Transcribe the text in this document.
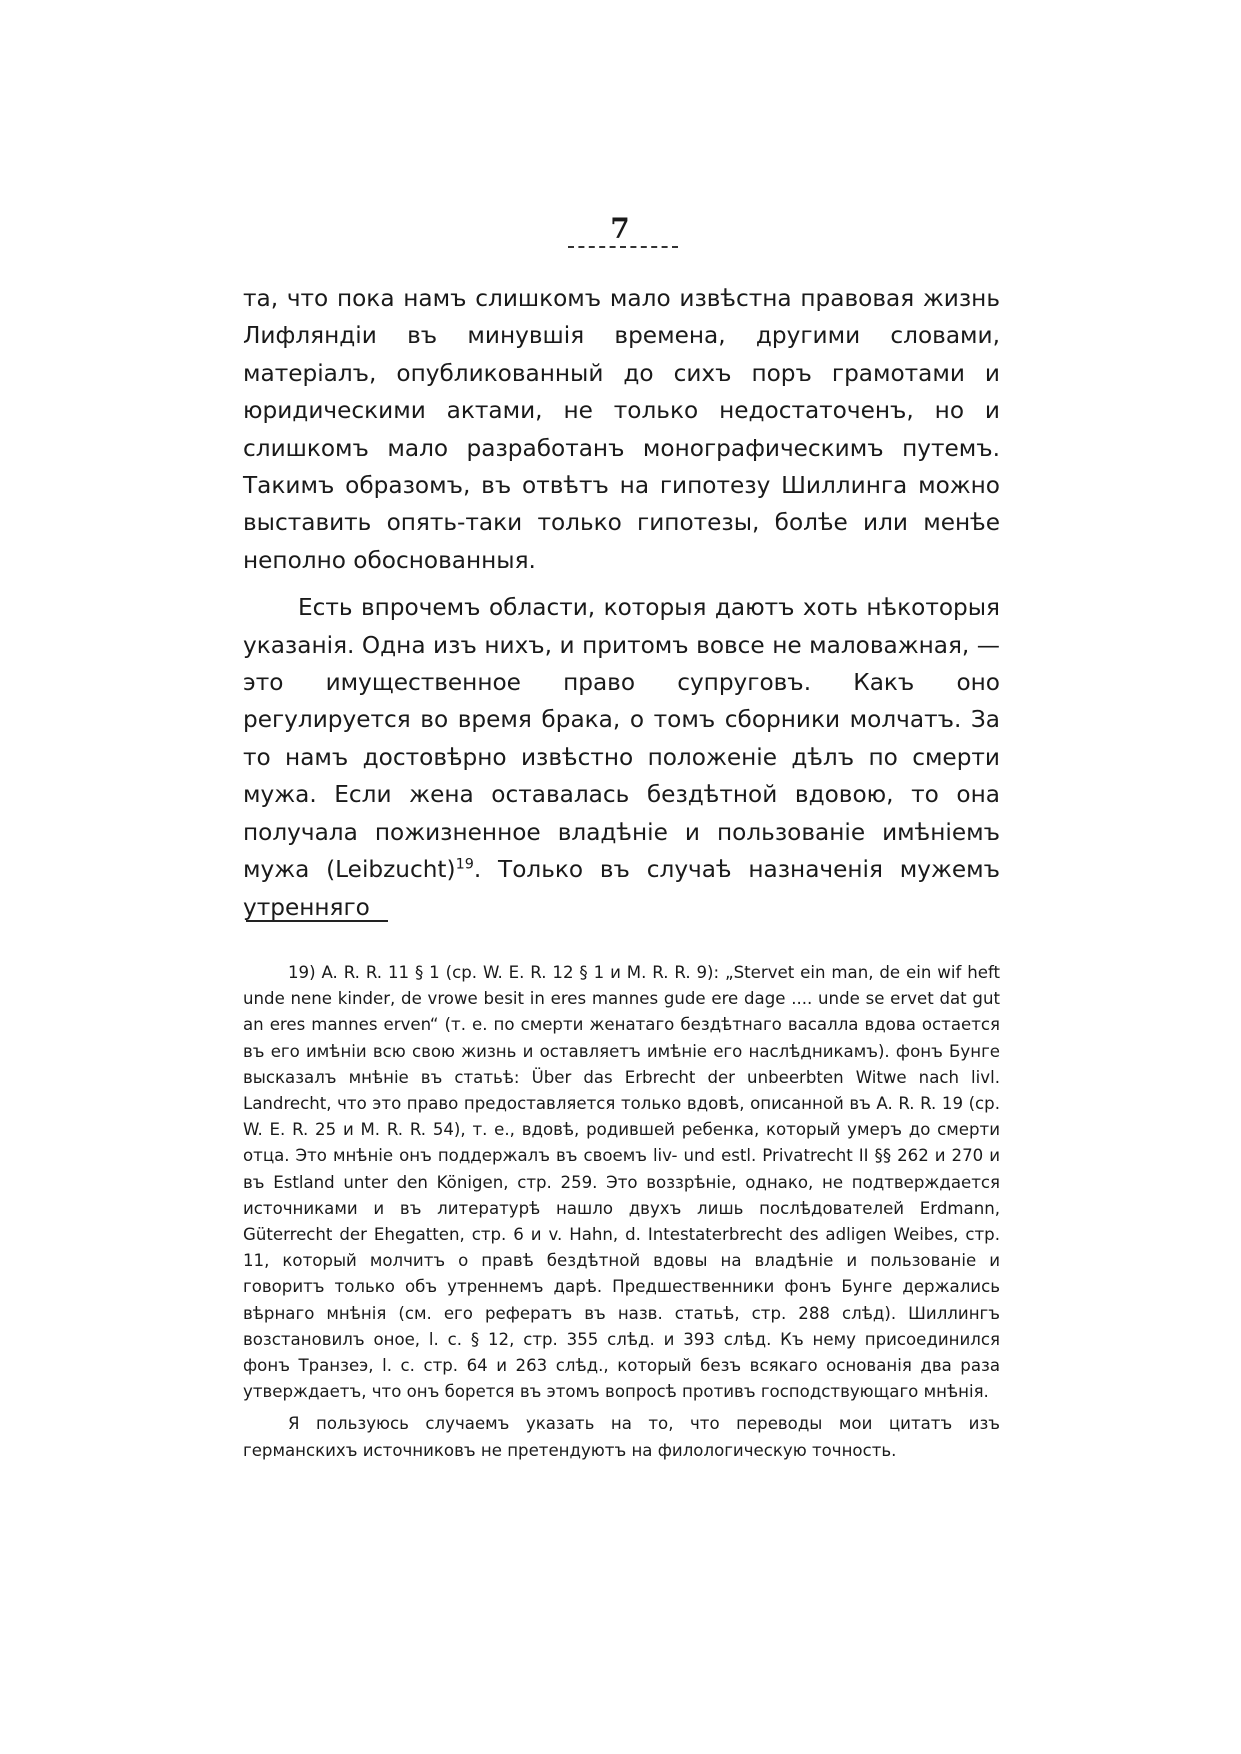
7

та, что пока намъ слишкомъ мало извѣстна правовая жизнь Лифляндіи въ минувшія времена, другими словами, матеріалъ, опубликованный до сихъ поръ грамотами и юридическими актами, не только недостаточенъ, но и слишкомъ мало разработанъ монографическимъ путемъ. Такимъ образомъ, въ отвѣтъ на гипотезу Шиллинга можно выставить опять-таки только гипотезы, болѣе или менѣе неполно обоснованныя.

Есть впрочемъ области, которыя даютъ хоть нѣкоторыя указанія. Одна изъ нихъ, и притомъ вовсе не маловажная, — это имущественное право супруговъ. Какъ оно регулируется во время брака, о томъ сборники молчатъ. За то намъ достовѣрно извѣстно положеніе дѣлъ по смерти мужа. Если жена оставалась бездѣтной вдовою, то она получала пожизненное владѣніе и пользованіе имѣніемъ мужа (Leibzucht)$^{19}$. Только въ случаѣ назначенія мужемъ утренняго

19) A. R. R. 11 § 1 (ср. W. E. R. 12 § 1 и M. R. R. 9): „Stervet ein man, de ein wif heft unde nene kinder, de vrowe besit in eres mannes gude ere dage .... unde se ervet dat gut an eres mannes erven“ (т. е. по смерти женатаго бездѣтнаго васалла вдова остается въ его имѣніи всю свою жизнь и оставляетъ имѣніе его наслѣдникамъ). фонъ Бунге высказалъ мнѣніе въ статьѣ: Über das Erbrecht der unbeerbten Witwe nach livl. Landrecht, что это право предоставляется только вдовѣ, описанной въ A. R. R. 19 (ср. W. E. R. 25 и M. R. R. 54), т. е., вдовѣ, родившей ребенка, который умеръ до смерти отца. Это мнѣніе онъ поддержалъ въ своемъ liv- und estl. Privatrecht II §§ 262 и 270 и въ Estland unter den Königen, стр. 259. Это воззрѣніе, однако, не подтверждается источниками и въ литературѣ нашло двухъ лишь послѣдователей Erdmann, Güterrecht der Ehegatten, стр. 6 и v. Hahn, d. Intestaterbrecht des adligen Weibes, стр. 11, который молчитъ о правѣ бездѣтной вдовы на владѣніе и пользованіе и говоритъ только объ утреннемъ дарѣ. Предшественники фонъ Бунге держались вѣрнаго мнѣнія (см. его рефератъ въ назв. статьѣ, стр. 288 слѣд). Шиллингъ возстановилъ оное, l. c. § 12, стр. 355 слѣд. и 393 слѣд. Къ нему присоединился фонъ Транзеэ, l. c. стр. 64 и 263 слѣд., который безъ всякаго основанія два раза утверждаетъ, что онъ борется въ этомъ вопросѣ противъ господствующаго мнѣнія.

Я пользуюсь случаемъ указать на то, что переводы мои цитатъ изъ германскихъ источниковъ не претендуютъ на филологическую точность.
